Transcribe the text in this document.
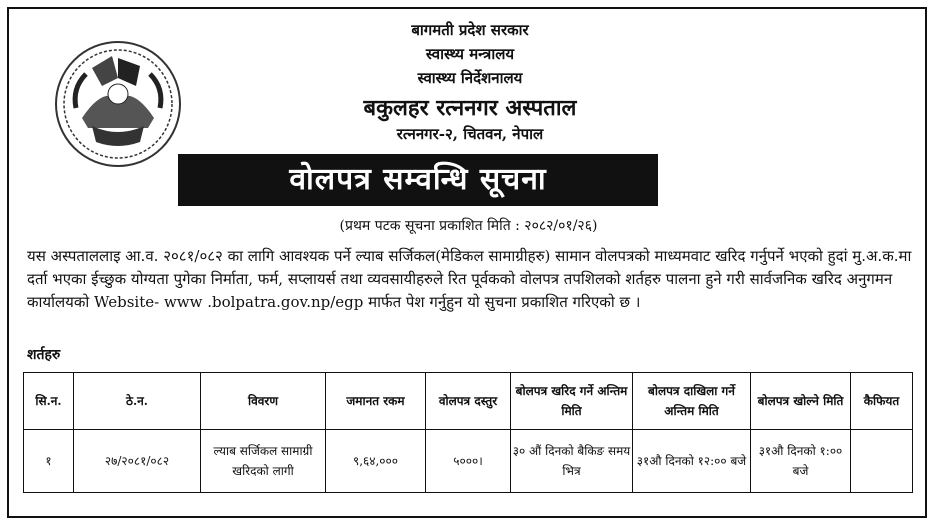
बागमती प्रदेश सरकार
स्वास्थ्य मन्त्रालय
स्वास्थ्य निर्देशनालय
बकुलहर रत्ननगर अस्पताल
रत्ननगर-२, चितवन, नेपाल
वोलपत्र सम्वन्धि सूचना
(प्रथम पटक सूचना प्रकाशित मिति : २०८२/०१/२६)
यस अस्पताललाइ आ.व. २०८१/०८२ का लागि आवश्यक पर्ने ल्याब सर्जिकल(मेडिकल सामाग्रीहरु) सामान वोलपत्रको माध्यमवाट खरिद गर्नुपर्ने भएको हुदां मु.अ.क.मा दर्ता भएका ईच्छुक योग्यता पुगेका निर्माता, फर्म, सप्लायर्स तथा व्यवसायीहरुले रित पूर्वकको वोलपत्र तपशिलको शर्तहरु पालना हुने गरी सार्वजनिक खरिद अनुगमन कार्यालयको Website- www .bolpatra.gov.np/egp मार्फत पेश गर्नुहुन यो सुचना प्रकाशित गरिएको छ ।
शर्तहरु
सि.न.	ठे.न.	विवरण	जमानत रकम	वोलपत्र दस्तुर	बोलपत्र खरिद गर्ने अन्तिम मिति	बोलपत्र दाखिला गर्ने अन्तिम मिति	बोलपत्र खोल्ने मिति	कैफियत
१	२७/२०८१/०८२	ल्याब सर्जिकल सामाग्री खरिदको लागी	९,६४,०००	५०००।	३० औं दिनको बैकिङ समय भित्र	३१औ दिनको १२:०० बजे	३१औ दिनको १:०० बजे	
